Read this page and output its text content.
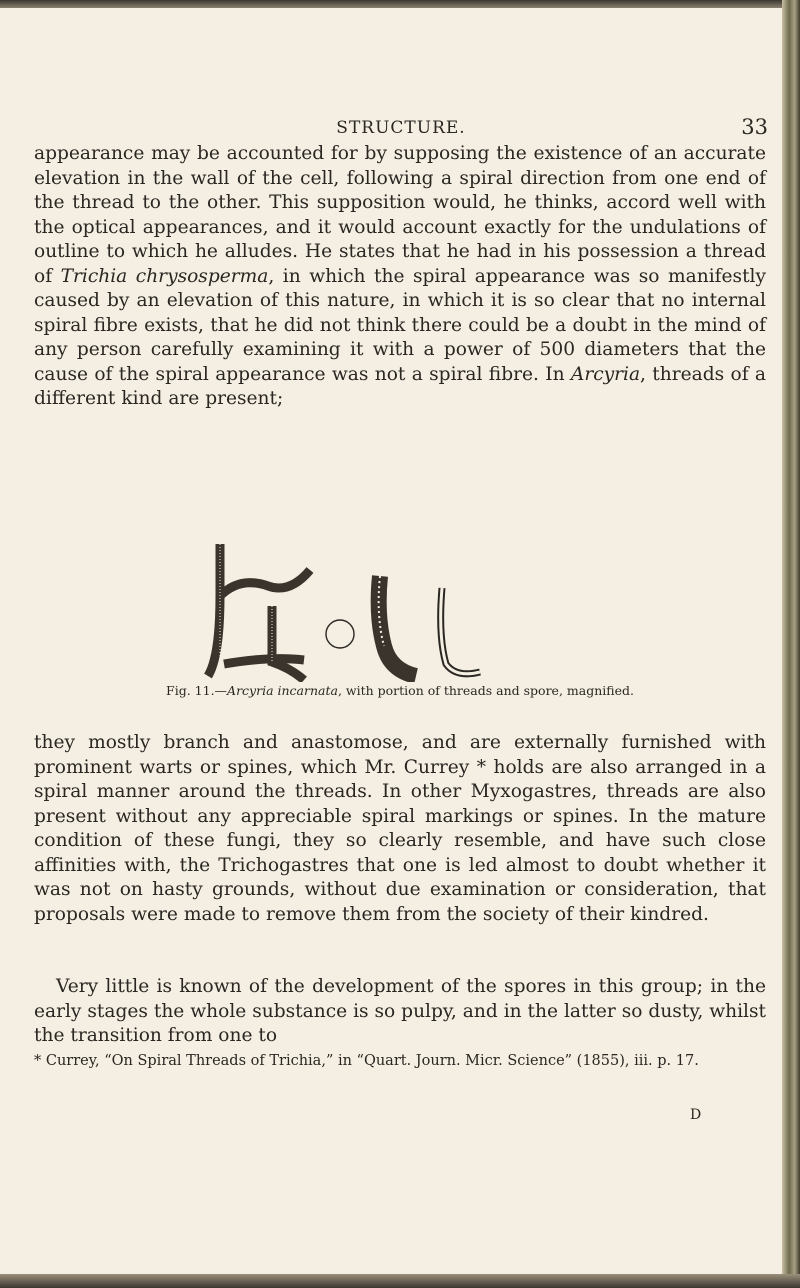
STRUCTURE.	33
appearance may be accounted for by supposing the existence of an accurate elevation in the wall of the cell, following a spiral direction from one end of the thread to the other. This supposition would, he thinks, accord well with the optical appearances, and it would account exactly for the undulations of outline to which he alludes. He states that he had in his possession a thread of Trichia chrysosperma, in which the spiral appearance was so manifestly caused by an elevation of this nature, in which it is so clear that no internal spiral fibre exists, that he did not think there could be a doubt in the mind of any person carefully examining it with a power of 500 diameters that the cause of the spiral appearance was not a spiral fibre. In Arcyria, threads of a different kind are present;
Fig. 11.—Arcyria incarnata, with portion of threads and spore, magnified.
they mostly branch and anastomose, and are externally furnished with prominent warts or spines, which Mr. Currey * holds are also arranged in a spiral manner around the threads. In other Myxogastres, threads are also present without any appreciable spiral markings or spines. In the mature condition of these fungi, they so clearly resemble, and have such close affinities with, the Trichogastres that one is led almost to doubt whether it was not on hasty grounds, without due examination or consideration, that proposals were made to remove them from the society of their kindred.
Very little is known of the development of the spores in this group; in the early stages the whole substance is so pulpy, and in the latter so dusty, whilst the transition from one to
* Currey, “On Spiral Threads of Trichia,” in “Quart. Journ. Micr. Science” (1855), iii. p. 17.
D
